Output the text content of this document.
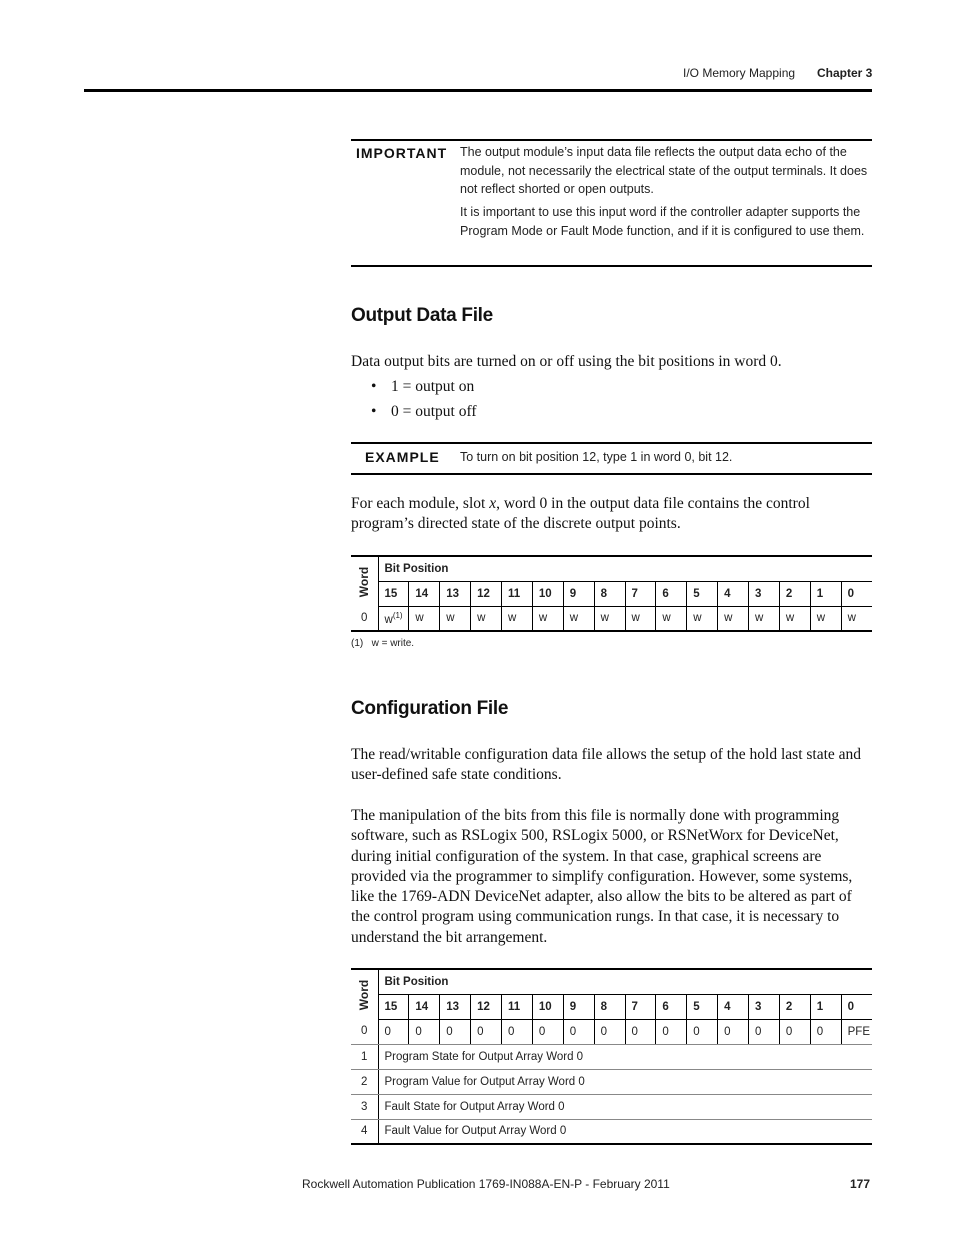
I/O Memory Mapping Chapter 3
IMPORTANT The output module’s input data file reflects the output data echo of the module, not necessarily the electrical state of the output terminals. It does not reflect shorted or open outputs.
It is important to use this input word if the controller adapter supports the Program Mode or Fault Mode function, and if it is configured to use them.
Output Data File
Data output bits are turned on or off using the bit positions in word 0.
• 1 = output on
• 0 = output off
EXAMPLE To turn on bit position 12, type 1 in word 0, bit 12.
For each module, slot x, word 0 in the output data file contains the control program’s directed state of the discrete output points.
Word	Bit Position															
	15	14	13	12	11	10	9	8	7	6	5	4	3	2	1	0
0	$w^{(1)}$	w	w	w	w	w	w	w	w	w	w	w	w	w	w	w
(1) w = write.
Configuration File
The read/writable configuration data file allows the setup of the hold last state and user-defined safe state conditions.
The manipulation of the bits from this file is normally done with programming software, such as RSLogix 500, RSLogix 5000, or RSNetWorx for DeviceNet, during initial configuration of the system. In that case, graphical screens are provided via the programmer to simplify configuration. However, some systems, like the 1769-ADN DeviceNet adapter, also allow the bits to be altered as part of the control program using communication rungs. In that case, it is necessary to understand the bit arrangement.
Word	Bit Position															
	15	14	13	12	11	10	9	8	7	6	5	4	3	2	1	0
0	0	0	0	0	0	0	0	0	0	0	0	0	0	0	0	PFE
1	Program State for Output Array Word 0															
2	Program Value for Output Array Word 0															
3	Fault State for Output Array Word 0															
4	Fault Value for Output Array Word 0															
Rockwell Automation Publication 1769-IN088A-EN-P - February 2011	177
